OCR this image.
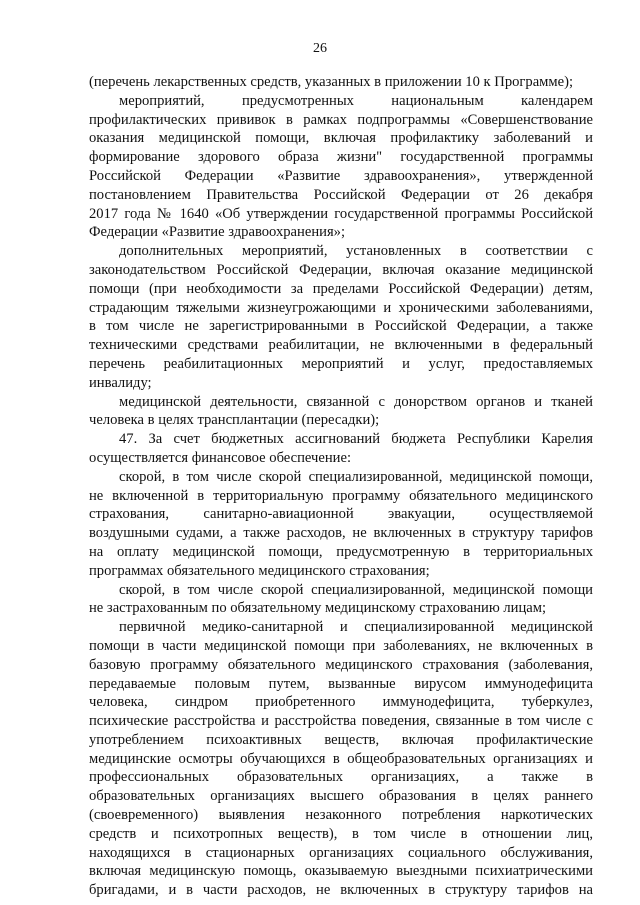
26
(перечень лекарственных средств, указанных в приложении 10 к Программе);
мероприятий, предусмотренных национальным календарем
профилактических прививок в рамках подпрограммы «Совершенствование
оказания медицинской помощи, включая профилактику заболеваний и
формирование здорового образа жизни" государственной программы
Российской Федерации «Развитие здравоохранения», утвержденной
постановлением Правительства Российской Федерации от 26 декабря
2017 года № 1640 «Об утверждении государственной программы Российской
Федерации «Развитие здравоохранения»;
дополнительных мероприятий, установленных в соответствии с
законодательством Российской Федерации, включая оказание медицинской
помощи (при необходимости за пределами Российской Федерации) детям,
страдающим тяжелыми жизнеугрожающими и хроническими заболеваниями,
в том числе не зарегистрированными в Российской Федерации, а также
техническими средствами реабилитации, не включенными в федеральный
перечень реабилитационных мероприятий и услуг, предоставляемых
инвалиду;
медицинской деятельности, связанной с донорством органов и тканей
человека в целях трансплантации (пересадки);
47. За счет бюджетных ассигнований бюджета Республики Карелия
осуществляется финансовое обеспечение:
скорой, в том числе скорой специализированной, медицинской помощи,
не включенной в территориальную программу обязательного медицинского
страхования, санитарно-авиационной эвакуации, осуществляемой
воздушными судами, а также расходов, не включенных в структуру тарифов
на оплату медицинской помощи, предусмотренную в территориальных
программах обязательного медицинского страхования;
скорой, в том числе скорой специализированной, медицинской помощи
не застрахованным по обязательному медицинскому страхованию лицам;
первичной медико-санитарной и специализированной медицинской
помощи в части медицинской помощи при заболеваниях, не включенных в
базовую программу обязательного медицинского страхования (заболевания,
передаваемые половым путем, вызванные вирусом иммунодефицита
человека, синдром приобретенного иммунодефицита, туберкулез,
психические расстройства и расстройства поведения, связанные в том числе с
употреблением психоактивных веществ, включая профилактические
медицинские осмотры обучающихся в общеобразовательных организациях и
профессиональных образовательных организациях, а также в
образовательных организациях высшего образования в целях раннего
(своевременного) выявления незаконного потребления наркотических
средств и психотропных веществ), в том числе в отношении лиц,
находящихся в стационарных организациях социального обслуживания,
включая медицинскую помощь, оказываемую выездными психиатрическими
бригадами, и в части расходов, не включенных в структуру тарифов на
